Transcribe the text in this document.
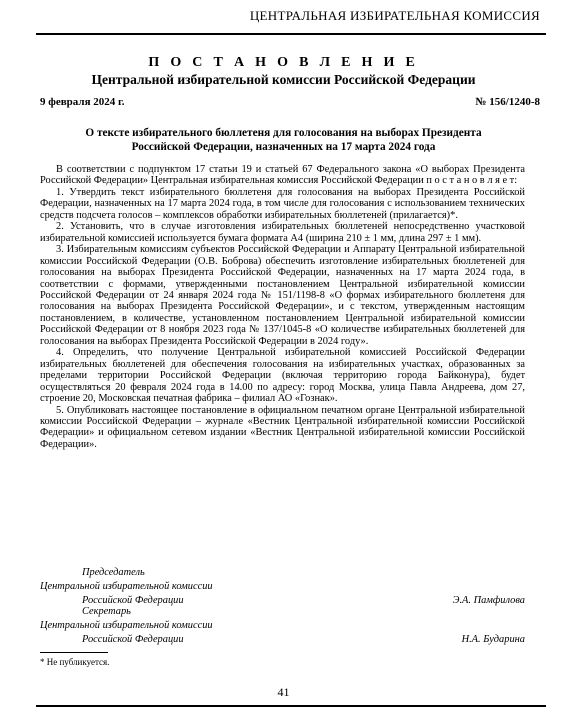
ЦЕНТРАЛЬНАЯ ИЗБИРАТЕЛЬНАЯ КОМИССИЯ
П О С Т А Н О В Л Е Н И Е
Центральной избирательной комиссии Российской Федерации
9 февраля 2024 г.	№ 156/1240-8
О тексте избирательного бюллетеня для голосования на выборах Президента Российской Федерации, назначенных на 17 марта 2024 года

В соответствии с подпунктом 17 статьи 19 и статьей 67 Федерального закона «О выборах Президента Российской Федерации» Центральная избирательная комиссия Российской Федерации п о с т а н о в л я е т:

1. Утвердить текст избирательного бюллетеня для голосования на выборах Президента Российской Федерации, назначенных на 17 марта 2024 года, в том числе для голосования с использованием технических средств подсчета голосов – комплексов обработки избирательных бюллетеней (прилагается)*.

2. Установить, что в случае изготовления избирательных бюллетеней непосредственно участковой избирательной комиссией используется бумага формата А4 (ширина 210 ± 1 мм, длина 297 ± 1 мм).

3. Избирательным комиссиям субъектов Российской Федерации и Аппарату Центральной избирательной комиссии Российской Федерации (О.В. Боброва) обеспечить изготовление избирательных бюллетеней для голосования на выборах Президента Российской Федерации, назначенных на 17 марта 2024 года, в соответствии с формами, утвержденными постановлением Центральной избирательной комиссии Российской Федерации от 24 января 2024 года № 151/1198-8 «О формах избирательного бюллетеня для голосования на выборах Президента Российской Федерации», и с текстом, утвержденным настоящим постановлением, в количестве, установленном постановлением Центральной избирательной комиссии Российской Федерации от 8 ноября 2023 года № 137/1045-8 «О количестве избирательных бюллетеней для голосования на выборах Президента Российской Федерации в 2024 году».

4. Определить, что получение Центральной избирательной комиссией Российской Федерации избирательных бюллетеней для обеспечения голосования на избирательных участках, образованных за пределами территории Российской Федерации (включая территорию города Байконура), будет осуществляться 20 февраля 2024 года в 14.00 по адресу: город Москва, улица Павла Андреева, дом 27, строение 20, Московская печатная фабрика – филиал АО «Гознак».

5. Опубликовать настоящее постановление в официальном печатном органе Центральной избирательной комиссии Российской Федерации – журнале «Вестник Центральной избирательной комиссии Российской Федерации» и официальном сетевом издании «Вестник Центральной избирательной комиссии Российской Федерации».

Председатель
Центральной избирательной комиссии
Российской Федерации	Э.А. Памфилова
Секретарь
Центральной избирательной комиссии
Российской Федерации	Н.А. Бударина
* Не публикуется.
41
